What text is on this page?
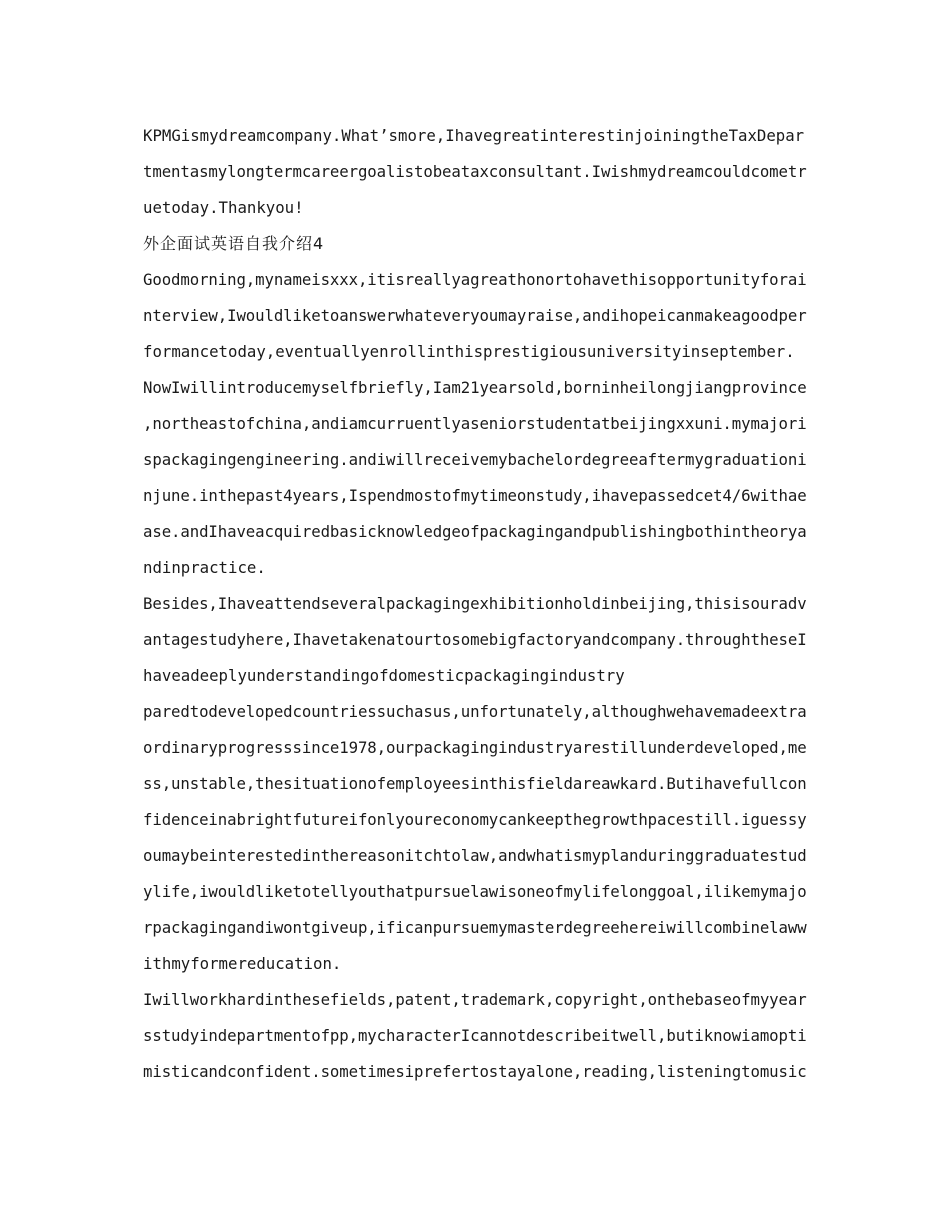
KPMGismydreamcompany.What’smore,IhavegreatinterestinjoiningtheTaxDepar
tmentasmylongtermcareergoalistobeataxconsultant.Iwishmydreamcouldcometr
uetoday.Thankyou!
外企面试英语自我介绍4
Goodmorning,mynameisxxx,itisreallyagreathonortohavethisopportunityforai
nterview,Iwouldliketoanswerwhateveryoumayraise,andihopeicanmakeagoodper
formancetoday,eventuallyenrollinthisprestigiousuniversityinseptember.
NowIwillintroducemyselfbriefly,Iam21yearsold,borninheilongjiangprovince
,northeastofchina,andiamcurruentlyaseniorstudentatbeijingxxuni.mymajori
spackagingengineering.andiwillreceivemybachelordegreeaftermygraduationi
njune.inthepast4years,Ispendmostofmytimeonstudy,ihavepassedcet4/6withae
ase.andIhaveacquiredbasicknowledgeofpackagingandpublishingbothintheorya
ndinpractice.
Besides,Ihaveattendseveralpackagingexhibitionholdinbeijing,thisisouradv
antagestudyhere,Ihavetakenatourtosomebigfactoryandcompany.throughtheseI
haveadeeplyunderstandingofdomesticpackagingindustry
paredtodevelopedcountriessuchasus,unfortunately,althoughwehavemadeextra
ordinaryprogresssince1978,ourpackagingindustryarestillunderdeveloped,me
ss,unstable,thesituationofemployeesinthisfieldareawkard.Butihavefullcon
fidenceinabrightfutureifonlyoureconomycankeepthegrowthpacestill.iguessy
oumaybeinterestedinthereasonitchtolaw,andwhatismyplanduringgraduatestud
ylife,iwouldliketotellyouthatpursuelawisoneofmylifelonggoal,ilikemymajo
rpackagingandiwontgiveup,ificanpursuemymasterdegreehereiwillcombinelaww
ithmyformereducation.
Iwillworkhardinthesefields,patent,trademark,copyright,onthebaseofmyyear
sstudyindepartmentofpp,mycharacterIcannotdescribeitwell,butiknowiamopti
misticandconfident.sometimesiprefertostayalone,reading,listeningtomusic
